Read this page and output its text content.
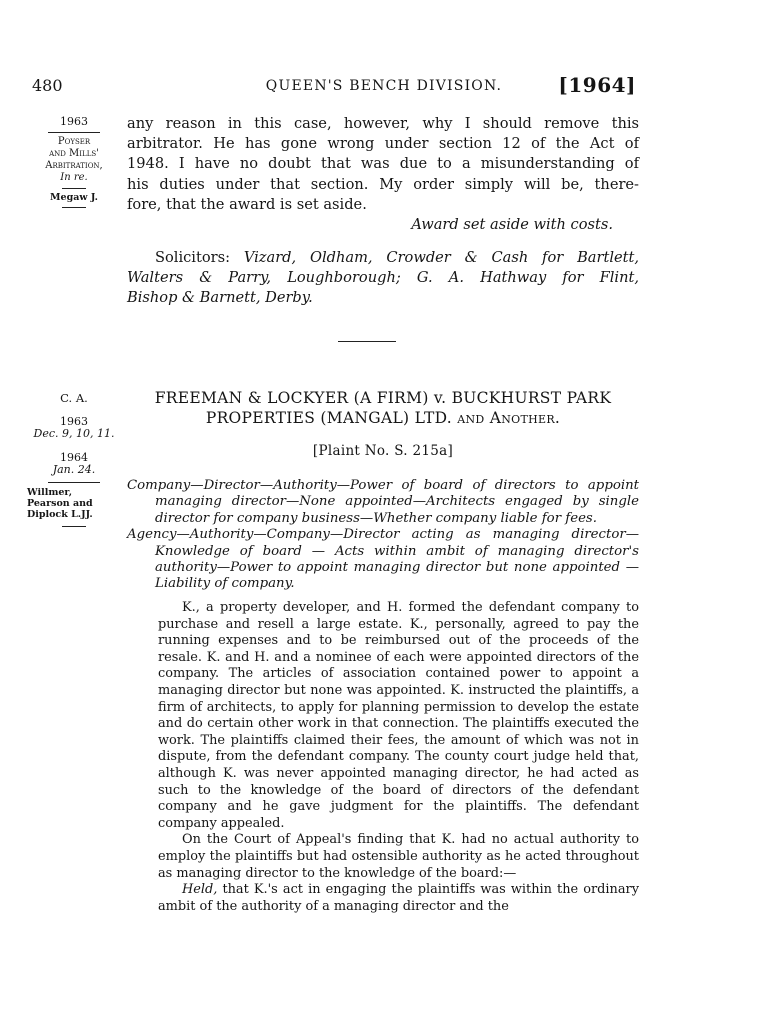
480	QUEEN'S BENCH DIVISION.	[1964]
1963
Poyser
and Mills'
Arbitration,
In re.
Megaw J.

any reason in this case, however, why I should remove this

arbitrator. He has gone wrong under section 12 of the Act of

1948. I have no doubt that was due to a misunderstanding of

his duties under that section. My order simply will be, there-

fore, that the award is set aside.

Award set aside with costs.

Solicitors: Vizard, Oldham, Crowder & Cash for Bartlett,

Walters & Parry, Loughborough; G. A. Hathway for Flint,

Bishop & Barnett, Derby.

C. A.
1963
Dec. 9, 10, 11.
1964
Jan. 24.
Willmer,
Pearson and
Diplock L.JJ.
FREEMAN & LOCKYER (A FIRM) v. BUCKHURST PARK
PROPERTIES (MANGAL) LTD. and Another.
[Plaint No. S. 215a]
Company—Director—Authority—Power of board of directors to appoint managing director—None appointed—Architects engaged by single director for company business—Whether company liable for fees.
Agency—Authority—Company—Director acting as managing director—Knowledge of board — Acts within ambit of managing director's authority—Power to appoint managing director but none appointed —Liability of company.

K., a property developer, and H. formed the defendant company to purchase and resell a large estate. K., personally, agreed to pay the running expenses and to be reimbursed out of the proceeds of the resale. K. and H. and a nominee of each were appointed directors of the company. The articles of association contained power to appoint a managing director but none was appointed. K. instructed the plaintiffs, a firm of architects, to apply for planning permission to develop the estate and do certain other work in that connection. The plaintiffs executed the work. The plaintiffs claimed their fees, the amount of which was not in dispute, from the defendant company. The county court judge held that, although K. was never appointed managing director, he had acted as such to the knowledge of the board of directors of the defendant company and he gave judgment for the plaintiffs. The defendant company appealed.

On the Court of Appeal's finding that K. had no actual authority to employ the plaintiffs but had ostensible authority as he acted throughout as managing director to the knowledge of the board:—

Held, that K.'s act in engaging the plaintiffs was within the ordinary ambit of the authority of a managing director and the
